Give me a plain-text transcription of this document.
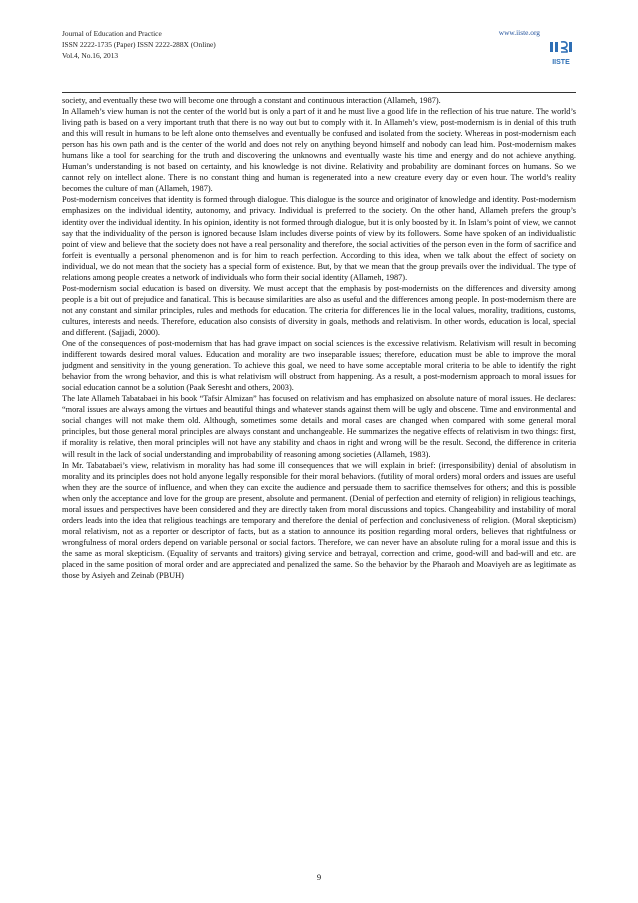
Journal of Education and Practice
ISSN 2222-1735 (Paper) ISSN 2222-288X (Online)
Vol.4, No.16, 2013
www.iiste.org
IISTE

society, and eventually these two will become one through a constant and continuous interaction (Allameh, 1987).

In Allameh’s view human is not the center of the world but is only a part of it and he must live a good life in the reflection of his true nature. The world’s living path is based on a very important truth that there is no way out but to comply with it. In Allameh’s view, post-modernism is in denial of this truth and this will result in humans to be left alone onto themselves and eventually be confused and isolated from the society. Whereas in post-modernism each person has his own path and is the center of the world and does not rely on anything beyond himself and nobody can lead him. Post-modernism makes humans like a tool for searching for the truth and discovering the unknowns and eventually waste his time and energy and do not achieve anything. Human’s understanding is not based on certainty, and his knowledge is not divine. Relativity and probability are dominant forces on humans. So we cannot rely on intellect alone. There is no constant thing and human is regenerated into a new creature every day or even hour. The world’s reality becomes the culture of man (Allameh, 1987).

Post-modernism conceives that identity is formed through dialogue. This dialogue is the source and originator of knowledge and identity. Post-modernism emphasizes on the individual identity, autonomy, and privacy. Individual is preferred to the society. On the other hand, Allameh prefers the group’s identity over the individual identity. In his opinion, identity is not formed through dialogue, but it is only boosted by it. In Islam’s point of view, we cannot say that the individuality of the person is ignored because Islam includes diverse points of view by its followers. Some have spoken of an individualistic point of view and believe that the society does not have a real personality and therefore, the social activities of the person even in the form of sacrifice and forfeit is eventually a personal phenomenon and is for him to reach perfection. According to this idea, when we talk about the effect of society on individual, we do not mean that the society has a special form of existence. But, by that we mean that the group prevails over the individual. The type of relations among people creates a network of individuals who form their social identity (Allameh, 1987).

Post-modernism social education is based on diversity. We must accept that the emphasis by post-modernists on the differences and diversity among people is a bit out of prejudice and fanatical. This is because similarities are also as useful and the differences among people. In post-modernism there are not any constant and similar principles, rules and methods for education. The criteria for differences lie in the local values, morality, traditions, customs, cultures, interests and needs. Therefore, education also consists of diversity in goals, methods and relativism. In other words, education is local, special and different. (Sajjadi, 2000).

One of the consequences of post-modernism that has had grave impact on social sciences is the excessive relativism. Relativism will result in becoming indifferent towards desired moral values. Education and morality are two inseparable issues; therefore, education must be able to improve the moral judgment and sensitivity in the young generation. To achieve this goal, we need to have some acceptable moral criteria to be able to identify the right behavior from the wrong behavior, and this is what relativism will obstruct from happening. As a result, a post-modernism approach to moral issues for social education cannot be a solution (Paak Seresht and others, 2003).

The late Allameh Tabatabaei in his book “Tafsir Almizan” has focused on relativism and has emphasized on absolute nature of moral issues. He declares: “moral issues are always among the virtues and beautiful things and whatever stands against them will be ugly and obscene. Time and environmental and social changes will not make them old. Although, sometimes some details and moral cases are changed when compared with some general moral principles, but those general moral principles are always constant and unchangeable. He summarizes the negative effects of relativism in two things: first, if morality is relative, then moral principles will not have any stability and chaos in right and wrong will be the result. Second, the difference in criteria will result in the lack of social understanding and improbability of reasoning among societies (Allameh, 1983).

In Mr. Tabatabaei’s view, relativism in morality has had some ill consequences that we will explain in brief: (irresponsibility) denial of absolutism in morality and its principles does not hold anyone legally responsible for their moral behaviors. (futility of moral orders) moral orders and issues are useful when they are the source of influence, and when they can excite the audience and persuade them to sacrifice themselves for others; and this is possible when only the acceptance and love for the group are present, absolute and permanent. (Denial of perfection and eternity of religion) in religious teachings, moral issues and perspectives have been considered and they are directly taken from moral discussions and topics. Changeability and instability of moral orders leads into the idea that religious teachings are temporary and therefore the denial of perfection and conclusiveness of religion. (Moral skepticism) moral relativism, not as a reporter or descriptor of facts, but as a station to announce its position regarding moral orders, believes that rightfulness or wrongfulness of moral orders depend on variable personal or social factors. Therefore, we can never have an absolute ruling for a moral issue and this is the same as moral skepticism. (Equality of servants and traitors) giving service and betrayal, correction and crime, good-will and bad-will and etc. are placed in the same position of moral order and are appreciated and penalized the same. So the behavior by the Pharaoh and Moaviyeh are as legitimate as those by Asiyeh and Zeinab (PBUH)

9
